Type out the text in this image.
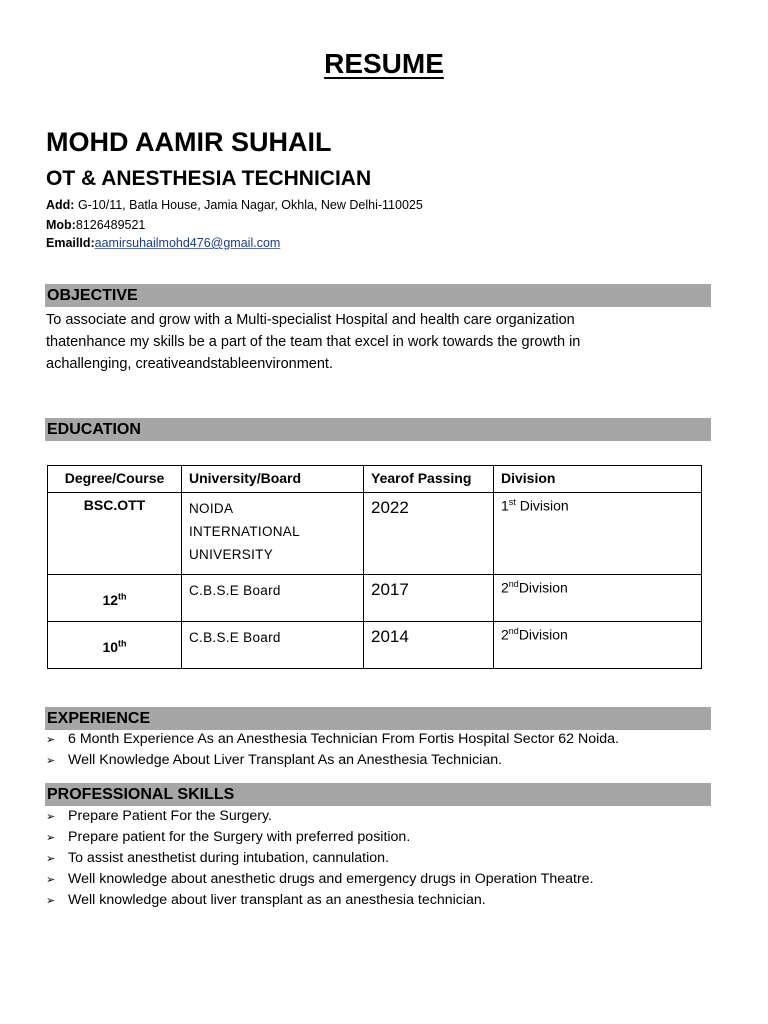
RESUME
MOHD AAMIR SUHAIL
OT & ANESTHESIA TECHNICIAN
Add: G-10/11, Batla House, Jamia Nagar, Okhla, New Delhi-110025
Mob:8126489521
EmailId:aamirsuhailmohd476@gmail.com
OBJECTIVE
To associate and grow with a Multi-specialist Hospital and health care organization
thatenhance my skills be a part of the team that excel in work towards the growth in
achallenging, creativeandstableenvironment.
EDUCATION
Degree/Course	University/Board	Yearof Passing	Division
BSC.OTT	NOIDA
INTERNATIONAL
UNIVERSITY	2022	1st Division
12th	C.B.S.E Board	2017	2ndDivision
10th	C.B.S.E Board	2014	2ndDivision
EXPERIENCE
➢ 6 Month Experience As an Anesthesia Technician From Fortis Hospital Sector 62 Noida.
➢ Well Knowledge About Liver Transplant As an Anesthesia Technician.
PROFESSIONAL SKILLS
➢ Prepare Patient For the Surgery.
➢ Prepare patient for the Surgery with preferred position.
➢ To assist anesthetist during intubation, cannulation.
➢ Well knowledge about anesthetic drugs and emergency drugs in Operation Theatre.
➢ Well knowledge about liver transplant as an anesthesia technician.
